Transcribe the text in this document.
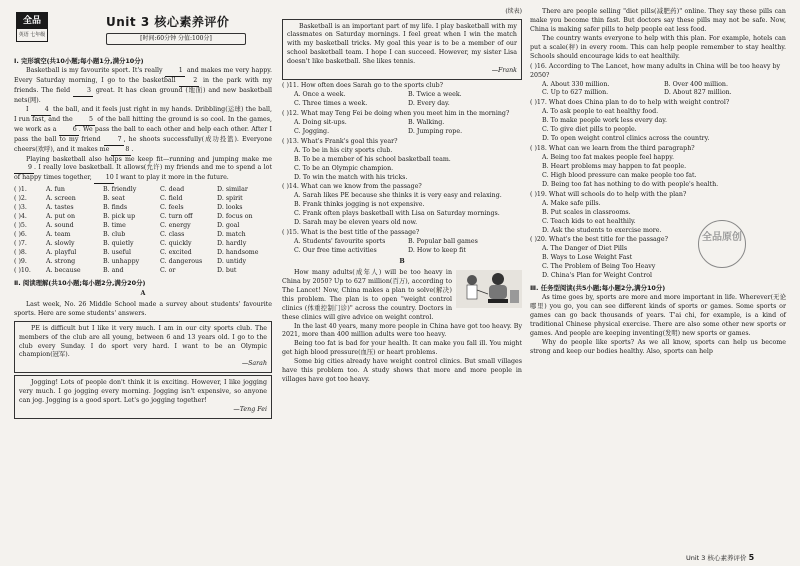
全品
英语 七年级
Unit 3 核心素养评价
[时间:60分钟 分值:100分]
Ⅰ. 完形填空(共10小题;每小题1分,满分10分)

Basketball is my favourite sport. It's really 1 and makes me very happy. Every Saturday morning, I go to the basketball 2 in the park with my friends. The field 3 great. It has clean ground (地面) and new basketball nets(网).

I 4 the ball, and it feels just right in my hands. Dribbling(运球) the ball, I run fast, and the 5 of the ball hitting the ground is so cool. In the games, we work as a 6 . We pass the ball to each other and help each other. After I pass the ball to my friend 7 , he shoots successfully(成功投篮). Everyone cheers(欢呼), and it makes me 8 .

Playing basketball also helps me keep fit—running and jumping make me 9 . I really love basketball. It allows(允许) my friends and me to spend a lot of happy times together, 10 I want to play it more in the future.

( )1.	A. fun	B. friendly	C. dead	D. similar
( )2.	A. screen	B. seat	C. field	D. spirit
( )3.	A. tastes	B. finds	C. feels	D. looks
( )4.	A. put on	B. pick up	C. turn off	D. focus on
( )5.	A. sound	B. time	C. energy	D. goal
( )6.	A. team	B. club	C. class	D. match
( )7.	A. slowly	B. quietly	C. quickly	D. hardly
( )8.	A. playful	B. useful	C. excited	D. handsome
( )9.	A. strong	B. unhappy	C. dangerous	D. untidy
( )10.	A. because	B. and	C. or	D. but
Ⅱ. 阅读理解(共10小题;每小题2分,满分20分)
A

Last week, No. 26 Middle School made a survey about students' favourite sports. Here are some students' answers.

PE is difficult but I like it very much. I am in our city sports club. The members of the club are all young, between 6 and 13 years old. I go to the club every Sunday. I do sport very hard. I want to be an Olympic champion(冠军).

—Sarah

Jogging! Lots of people don't think it is exciting. However, I like jogging very much. I go jogging every morning. Jogging isn't expensive, so anyone can jog. Jogging is a good sport. Let's go jogging together!

—Teng Fei
(续表)

Basketball is an important part of my life. I play basketball with my classmates on Saturday mornings. I feel great when I win the match with my basketball tricks. My goal this year is to be a member of our school basketball team. I hope I can succeed. However, my sister Lisa doesn't like basketball. She likes tennis.

—Frank
( )11. How often does Sarah go to the sports club?
A. Once a week.	B. Twice a week.
C. Three times a week.	D. Every day.
( )12. What may Teng Fei be doing when you meet him in the morning?
A. Doing sit-ups.	B. Walking.
C. Jogging.	D. Jumping rope.
( )13. What's Frank's goal this year?
A. To be in his city sports club.
B. To be a member of his school basketball team.
C. To be an Olympic champion.
D. To win the match with his tricks.
( )14. What can we know from the passage?
A. Sarah likes PE because she thinks it is very easy and relaxing.
B. Frank thinks jogging is not expensive.
C. Frank often plays basketball with Lisa on Saturday mornings.
D. Sarah may be eleven years old now.
( )15. What is the best title of the passage?
A. Students' favourite sports	B. Popular ball games
C. Our free time activities	D. How to keep fit
B

How many adults(成年人) will be too heavy in China by 2050? Up to 627 million(百万), according to The Lancet! Now, China makes a plan to solve(解决) this problem. The plan is to open "weight control clinics (体重控制门诊)" across the country. Doctors in these clinics will give advice on weight control.

In the last 40 years, many more people in China have got too heavy. By 2021, more than 400 million adults were too heavy.

Being too fat is bad for your health. It can make you fall ill. You might get high blood pressure(血压) or heart problems.

Some big cities already have weight control clinics. But small villages have this problem too. A study shows that more and more people in villages have got too heavy.

There are people selling "diet pills(减肥药)" online. They say these pills can make you become thin fast. But doctors say these pills may not be safe. Now, China is making safer pills to help people eat less food.

The country wants everyone to help with this plan. For example, hotels can put a scale(秤) in every room. This can help people remember to stay healthy. Schools should encourage kids to eat healthily.

( )16. According to The Lancet, how many adults in China will be too heavy by 2050?
A. About 330 million.	B. Over 400 million.
C. Up to 627 million.	D. About 827 million.
( )17. What does China plan to do to help with weight control?
A. To ask people to eat healthy food.
B. To make people work less every day.
C. To give diet pills to people.
D. To open weight control clinics across the country.
( )18. What can we learn from the third paragraph?
A. Being too fat makes people feel happy.
B. Heart problems may happen to fat people.
C. High blood pressure can make people too fat.
D. Being too fat has nothing to do with people's health.
( )19. What will schools do to help with the plan?
A. Make safe pills.
B. Put scales in classrooms.
C. Teach kids to eat healthily.
D. Ask the students to exercise more.
( )20. What's the best title for the passage?
A. The Danger of Diet Pills
B. Ways to Lose Weight Fast
C. The Problem of Being Too Heavy
D. China's Plan for Weight Control
Ⅲ. 任务型阅读(共5小题;每小题2分,满分10分)

As time goes by, sports are more and more important in life. Wherever(无论哪里) you go, you can see different kinds of sports or games. Some sports or games can go back thousands of years. T'ai chi, for example, is a kind of traditional Chinese physical exercise. There are also some other new sports or games. And people are keeping inventing(发明) new sports or games.

Why do people like sports? As we all know, sports can help us become strong and keep our bodies healthy. Also, sports can help

全品原创
Unit 3 核心素养评价 5
